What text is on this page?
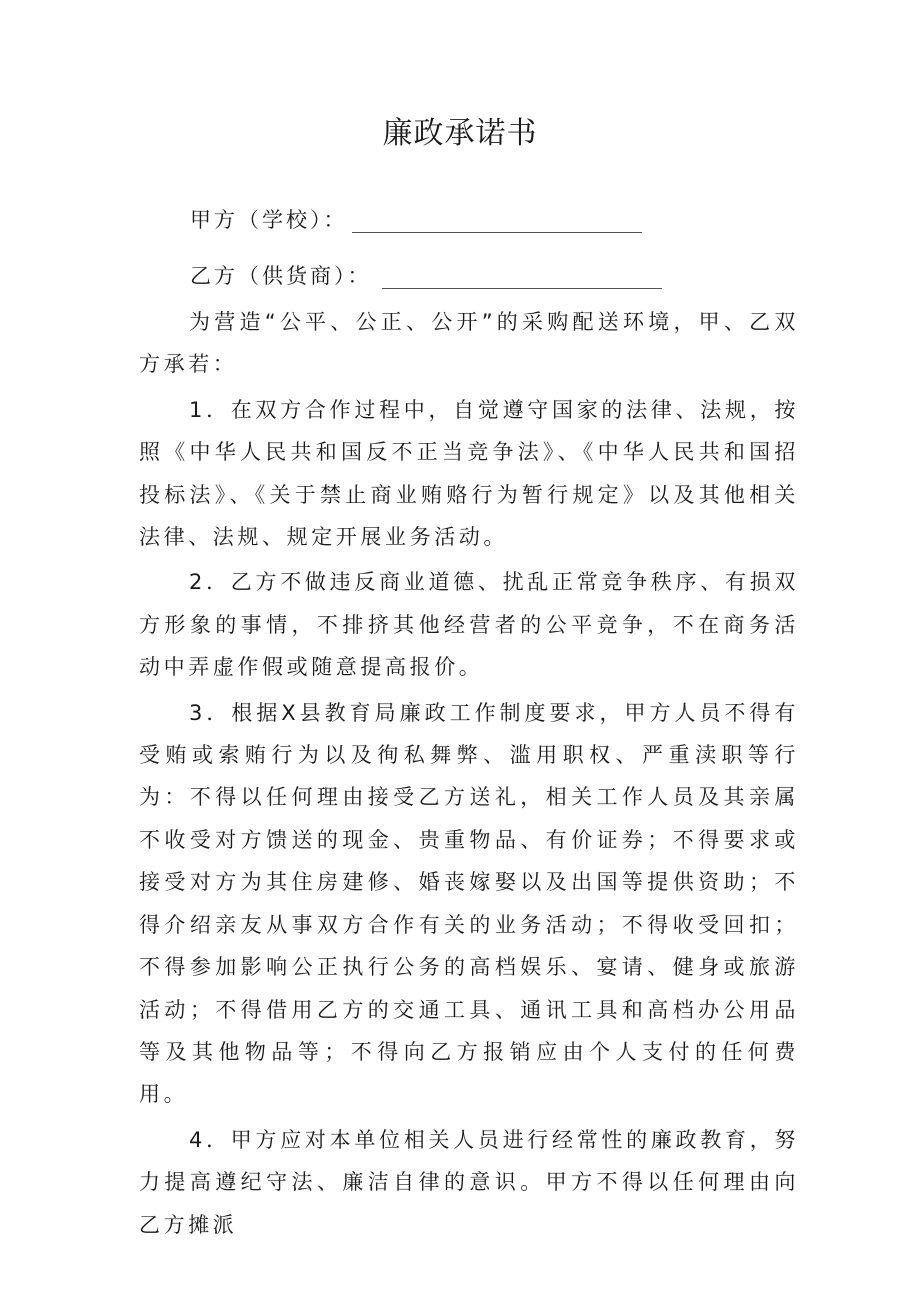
廉政承诺书
甲方（学校）：
乙方（供货商）：

为营造“公平、公正、公开”的采购配送环境，甲、乙双方承若：

1．在双方合作过程中，自觉遵守国家的法律、法规，按照《中华人民共和国反不正当竞争法》、《中华人民共和国招投标法》、《关于禁止商业贿赂行为暂行规定》以及其他相关法律、法规、规定开展业务活动。

2．乙方不做违反商业道德、扰乱正常竞争秩序、有损双方形象的事情，不排挤其他经营者的公平竞争，不在商务活动中弄虚作假或随意提高报价。

3．根据X县教育局廉政工作制度要求，甲方人员不得有受贿或索贿行为以及徇私舞弊、滥用职权、严重渎职等行为：不得以任何理由接受乙方送礼，相关工作人员及其亲属不收受对方馈送的现金、贵重物品、有价证券；不得要求或接受对方为其住房建修、婚丧嫁娶以及出国等提供资助；不得介绍亲友从事双方合作有关的业务活动；不得收受回扣；不得参加影响公正执行公务的高档娱乐、宴请、健身或旅游活动；不得借用乙方的交通工具、通讯工具和高档办公用品等及其他物品等；不得向乙方报销应由个人支付的任何费用。

4．甲方应对本单位相关人员进行经常性的廉政教育，努力提高遵纪守法、廉洁自律的意识。甲方不得以任何理由向乙方摊派
